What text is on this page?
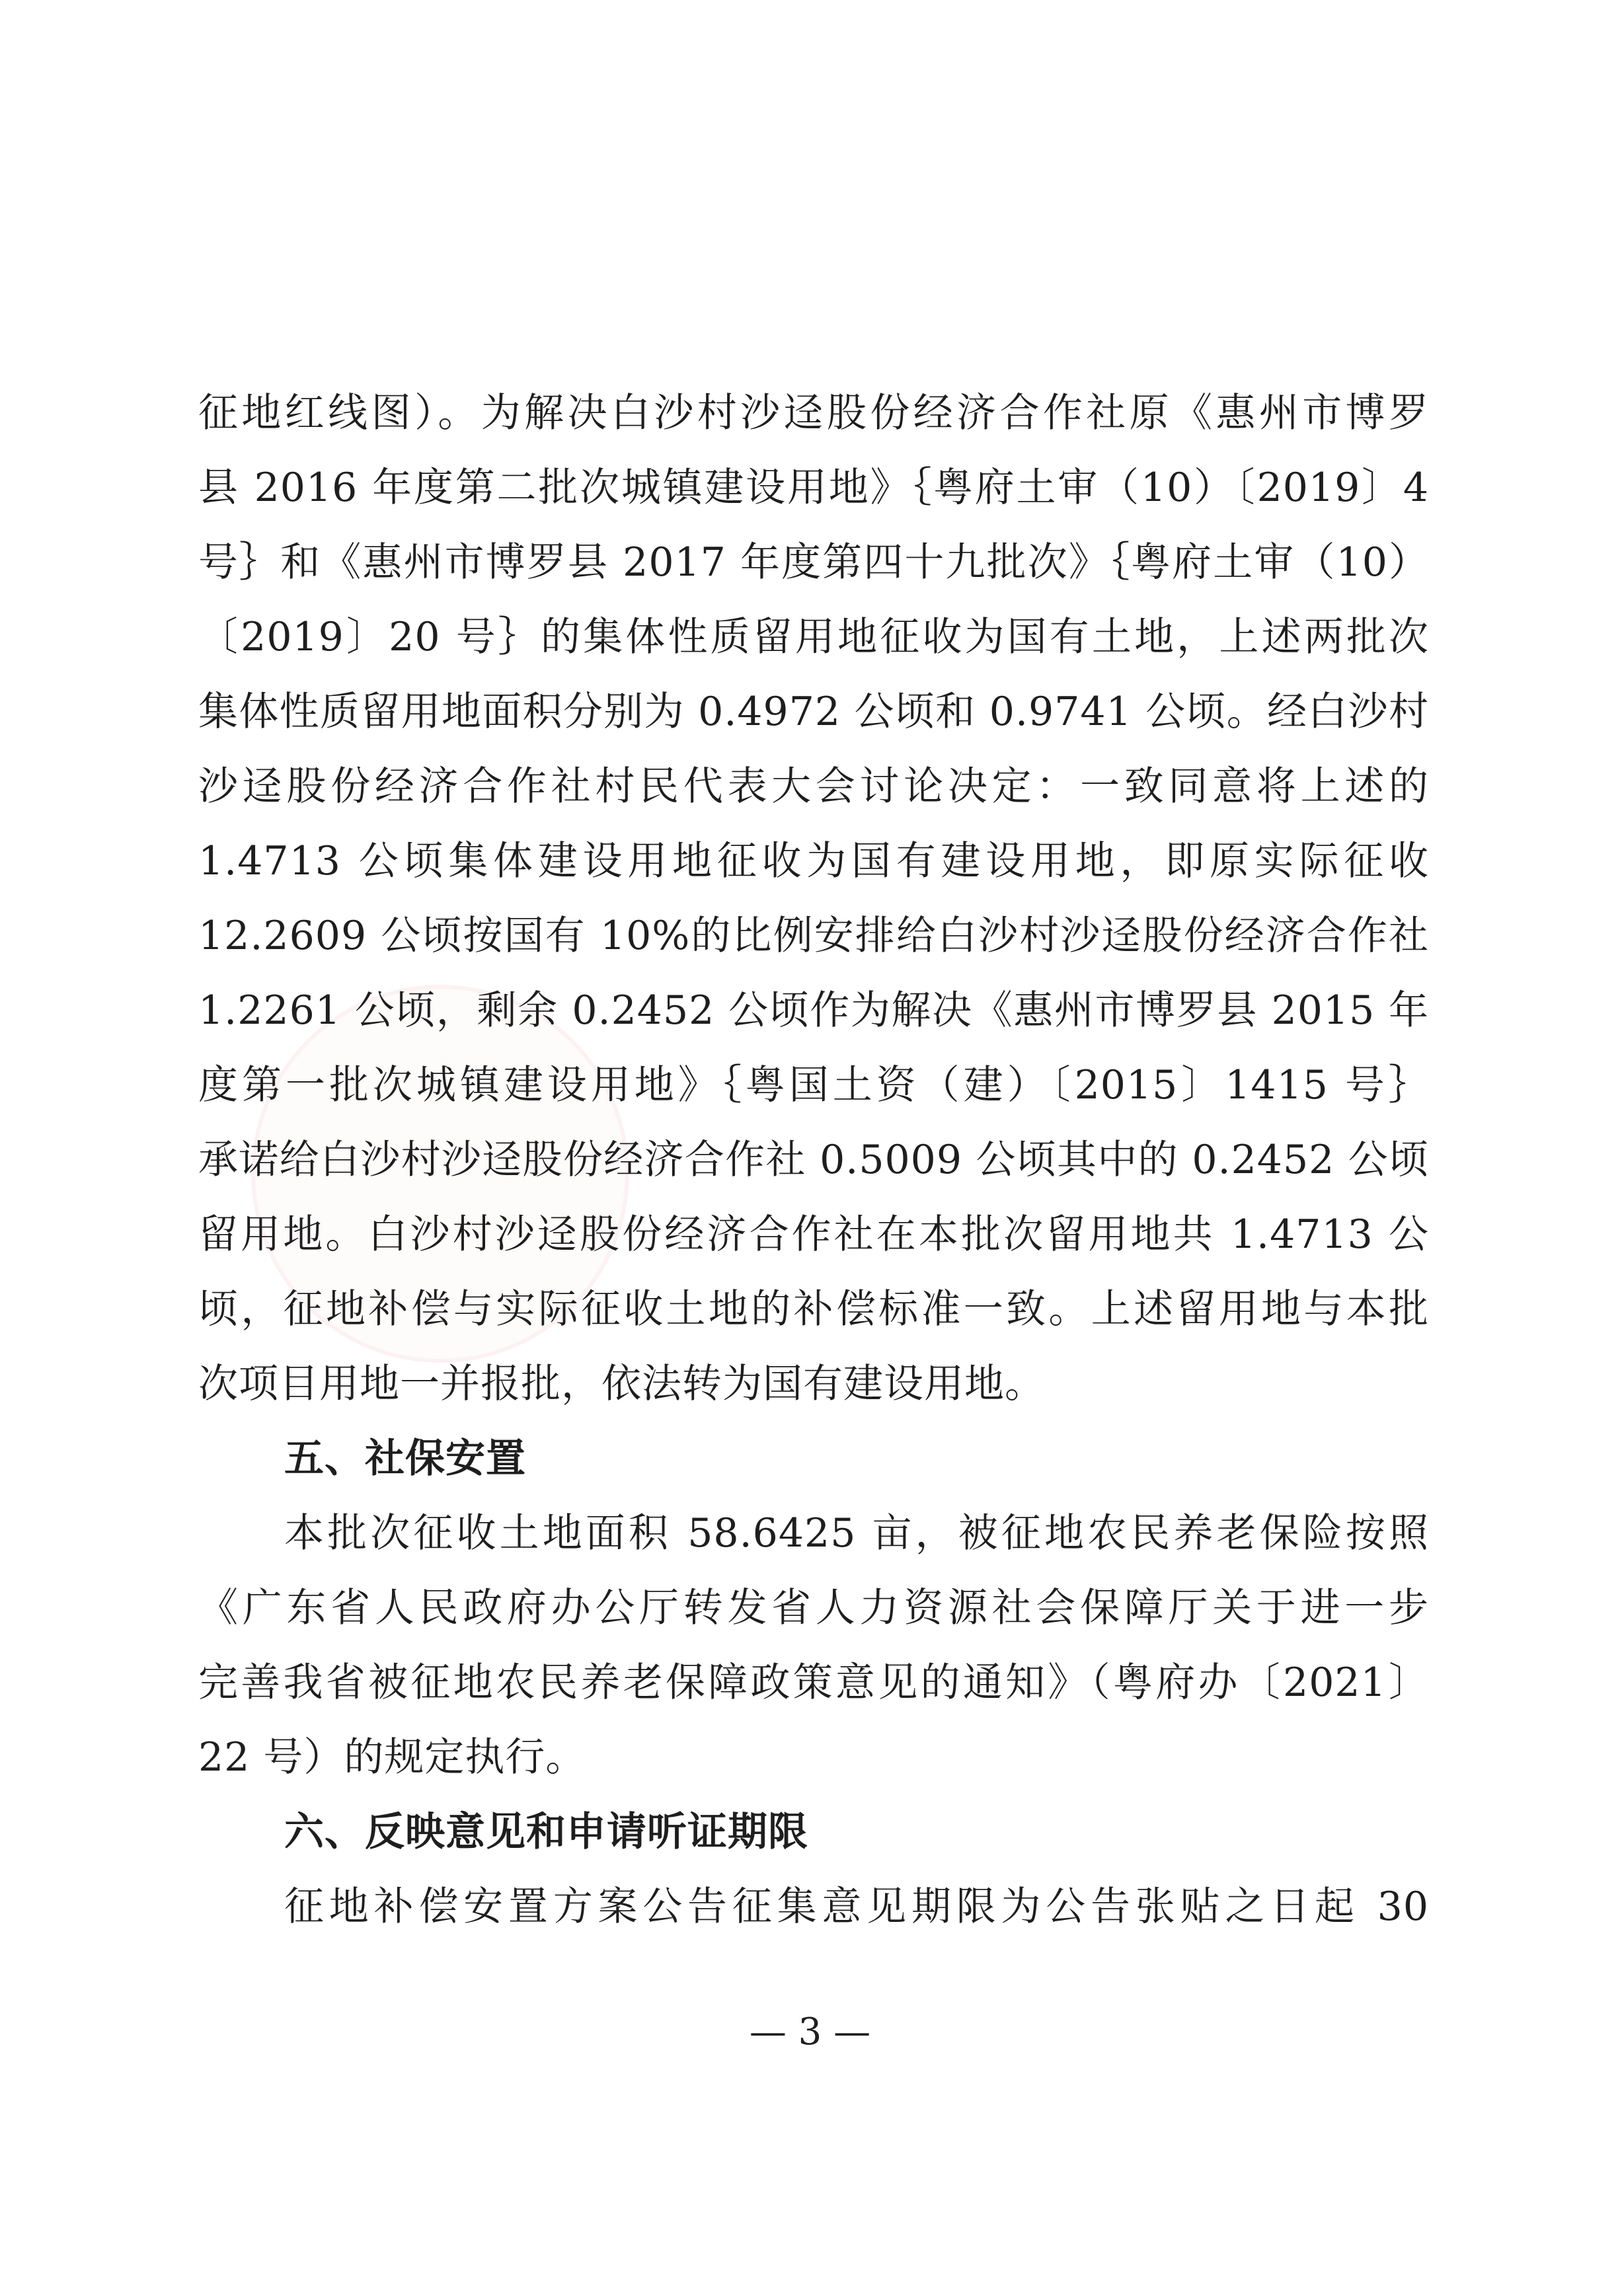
征地红线图）。为解决白沙村沙迳股份经济合作社原《惠州市博罗
县 2016 年度第二批次城镇建设用地》｛粤府土审（10）〔2019〕4
号｝和《惠州市博罗县 2017 年度第四十九批次》｛粤府土审（10）
〔2019〕20 号｝的集体性质留用地征收为国有土地，上述两批次
集体性质留用地面积分别为 0.4972 公顷和 0.9741 公顷。经白沙村
沙迳股份经济合作社村民代表大会讨论决定：一致同意将上述的
1.4713 公顷集体建设用地征收为国有建设用地，即原实际征收
12.2609 公顷按国有 10%的比例安排给白沙村沙迳股份经济合作社
1.2261 公顷，剩余 0.2452 公顷作为解决《惠州市博罗县 2015 年
度第一批次城镇建设用地》｛粤国土资（建）〔2015〕1415 号｝
承诺给白沙村沙迳股份经济合作社 0.5009 公顷其中的 0.2452 公顷
留用地。白沙村沙迳股份经济合作社在本批次留用地共 1.4713 公
顷，征地补偿与实际征收土地的补偿标准一致。上述留用地与本批
次项目用地一并报批，依法转为国有建设用地。
五、社保安置
本批次征收土地面积 58.6425 亩，被征地农民养老保险按照
《广东省人民政府办公厅转发省人力资源社会保障厅关于进一步
完善我省被征地农民养老保障政策意见的通知》（粤府办〔2021〕
22 号）的规定执行。
六、反映意见和申请听证期限
征地补偿安置方案公告征集意见期限为公告张贴之日起 30
— 3 —
